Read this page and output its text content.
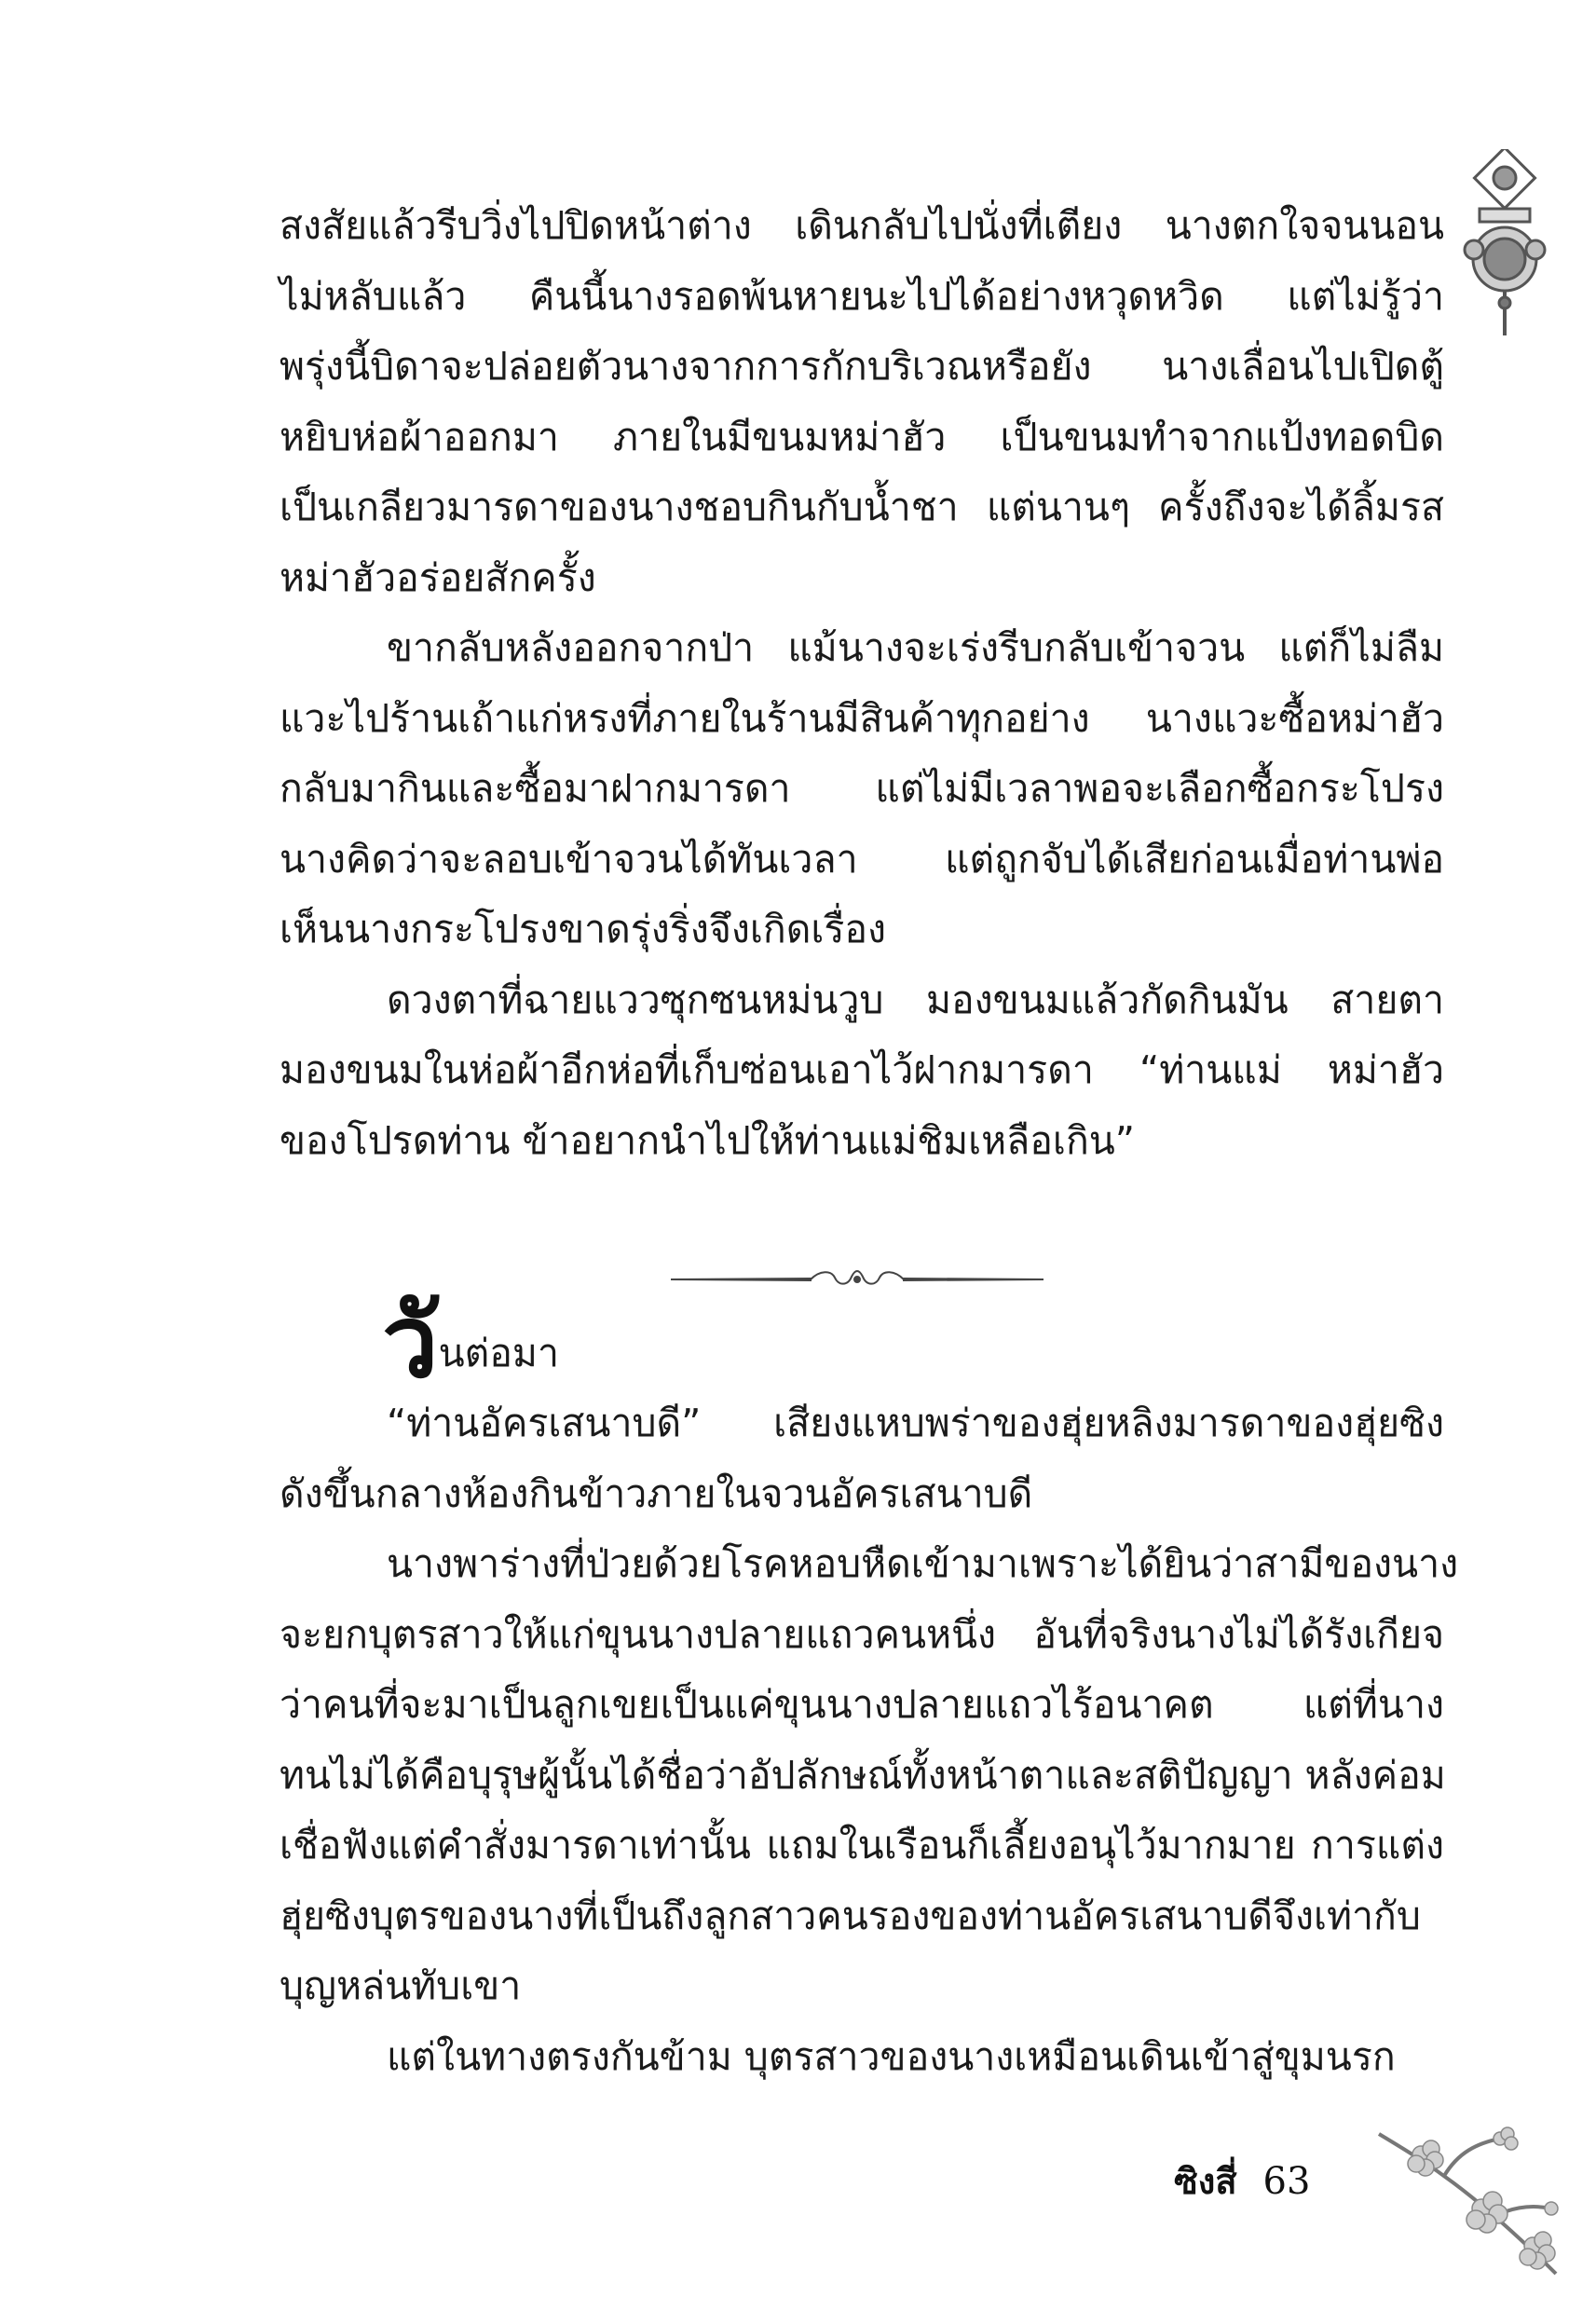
สงสัยแล้วรีบวิ่งไปปิดหน้าต่าง เดินกลับไปนั่งที่เตียง นางตกใจจนนอน
ไม่หลับแล้ว คืนนี้นางรอดพ้นหายนะไปได้อย่างหวุดหวิด แต่ไม่รู้ว่า
พรุ่งนี้บิดาจะปล่อยตัวนางจากการกักบริเวณหรือยัง นางเลื่อนไปเปิดตู้
หยิบห่อผ้าออกมา ภายในมีขนมหม่าฮัว เป็นขนมทำจากแป้งทอดบิด
เป็นเกลียวมารดาของนางชอบกินกับน้ำชา แต่นานๆ ครั้งถึงจะได้ลิ้มรส
หม่าฮัวอร่อยสักครั้ง
ขากลับหลังออกจากป่า แม้นางจะเร่งรีบกลับเข้าจวน แต่ก็ไม่ลืม
แวะไปร้านเถ้าแก่หรงที่ภายในร้านมีสินค้าทุกอย่าง นางแวะซื้อหม่าฮัว
กลับมากินและซื้อมาฝากมารดา แต่ไม่มีเวลาพอจะเลือกซื้อกระโปรง
นางคิดว่าจะลอบเข้าจวนได้ทันเวลา แต่ถูกจับได้เสียก่อนเมื่อท่านพ่อ
เห็นนางกระโปรงขาดรุ่งริ่งจึงเกิดเรื่อง
ดวงตาที่ฉายแววซุกซนหม่นวูบ มองขนมแล้วกัดกินมัน สายตา
มองขนมในห่อผ้าอีกห่อที่เก็บซ่อนเอาไว้ฝากมารดา “ท่านแม่ หม่าฮัว
ของโปรดท่าน ข้าอยากนำไปให้ท่านแม่ชิมเหลือเกิน”
วันต่อมา
“ท่านอัครเสนาบดี” เสียงแหบพร่าของฮุ่ยหลิงมารดาของฮุ่ยซิง
ดังขึ้นกลางห้องกินข้าวภายในจวนอัครเสนาบดี
นางพาร่างที่ป่วยด้วยโรคหอบหืดเข้ามาเพราะได้ยินว่าสามีของนาง
จะยกบุตรสาวให้แก่ขุนนางปลายแถวคนหนึ่ง อันที่จริงนางไม่ได้รังเกียจ
ว่าคนที่จะมาเป็นลูกเขยเป็นแค่ขุนนางปลายแถวไร้อนาคต แต่ที่นาง
ทนไม่ได้คือบุรุษผู้นั้นได้ชื่อว่าอัปลักษณ์ทั้งหน้าตาและสติปัญญา หลังค่อม
เชื่อฟังแต่คำสั่งมารดาเท่านั้น แถมในเรือนก็เลี้ยงอนุไว้มากมาย การแต่ง
ฮุ่ยซิงบุตรของนางที่เป็นถึงลูกสาวคนรองของท่านอัครเสนาบดีจึงเท่ากับ
บุญหล่นทับเขา
แต่ในทางตรงกันข้าม บุตรสาวของนางเหมือนเดินเข้าสู่ขุมนรก
ซิงสี่ 63
